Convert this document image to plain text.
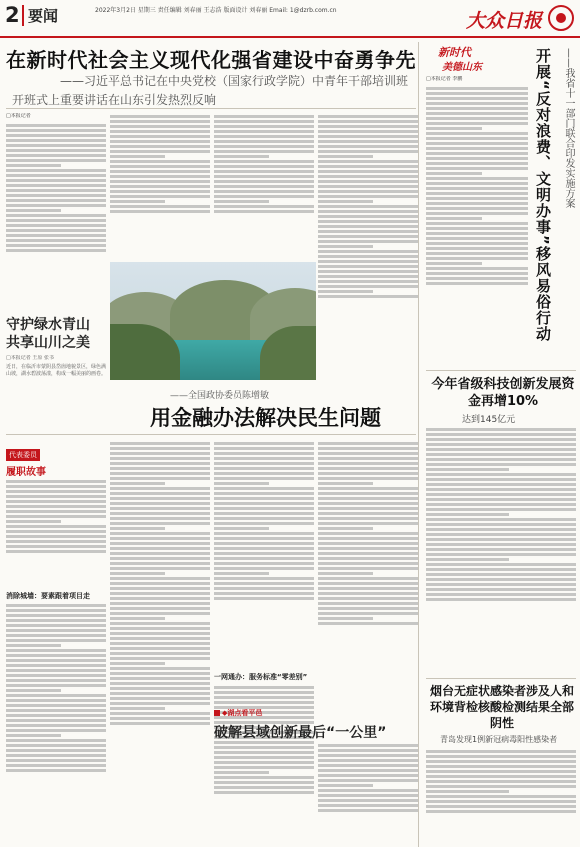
2 要闻	2022年3月2日 星期三 责任编辑 刘春丽 王志浩 版面设计 刘春丽 Email: 1@dzrb.com.cn	大众日报
在新时代社会主义现代化强省建设中奋勇争先
——习近平总书记在中央党校（国家行政学院）中青年干部培训班
开班式上重要讲话在山东引发热烈反响
□本报记者
守护绿水青山
共享山川之美
□本报记者 王原 张书
近日，在临沂市蒙阴县岱崮地貌景区，绿色满山坡，湖水碧波荡漾，构成一幅美丽的画卷。
——全国政协委员陈增敏
用金融办法解决民生问题
代表委员
履职故事
消除城墙：要素跟着项目走
一网通办：服务标准“零差别”
◆湖点看平邑
破解县域创新最后“一公里”
新时代
美德山东	开展“反对浪费、文明办事”移风易俗行动 ——我省十一部门联合印发实施方案
□本报记者 李鹏
今年省级科技创新发展资金再增10%
达到145亿元
烟台无症状感染者涉及人和环境背检核酸检测结果全部阴性
青岛发现1例新冠病毒阳性感染者
